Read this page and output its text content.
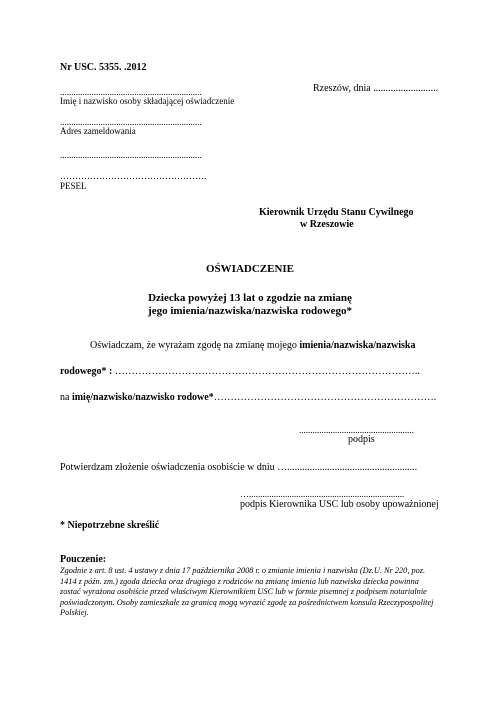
Nr USC. 5355. .2012
...............................................................
Imię i nazwisko osoby składającej oświadczenie
Rzeszów, dnia ..........................
...............................................................
Adres zameldowania
...............................................................
………………………………………….
PESEL
Kierownik Urzędu Stanu Cywilnego
w Rzeszowie
OŚWIADCZENIE
Dziecka powyżej 13 lat o zgodzie na zmianę
jego imienia/nazwiska/nazwiska rodowego*
Oświadczam, że wyrażam zgodę na zmianę mojego imienia/nazwiska/nazwiska
rodowego* : ………………………………………………………………………………..
na imię/nazwisko/nazwisko rodowe*………………………………………………………….
...................................................
podpis
Potwierdzam złożenie oświadczenia osobiście w dniu …....................................................
….....................................................................
podpis Kierownika USC lub osoby upoważnionej
* Niepotrzebne skreślić
Pouczenie:
Zgodnie z art. 8 ust. 4 ustawy z dnia 17 października 2008 r. o zmianie imienia i nazwiska (Dz.U. Nr 220, poz. 1414 z późn. zm.) zgoda dziecka oraz drugiego z rodziców na zmianę imienia lub nazwiska dziecka powinna zostać wyrażona osobiście przed właściwym Kierownikiem USC lub w formie pisemnej z podpisem notarialnie poświadczonym. Osoby zamieszkałe za granicą mogą wyrazić zgodę za pośrednictwem konsula Rzeczypospolitej Polskiej.
